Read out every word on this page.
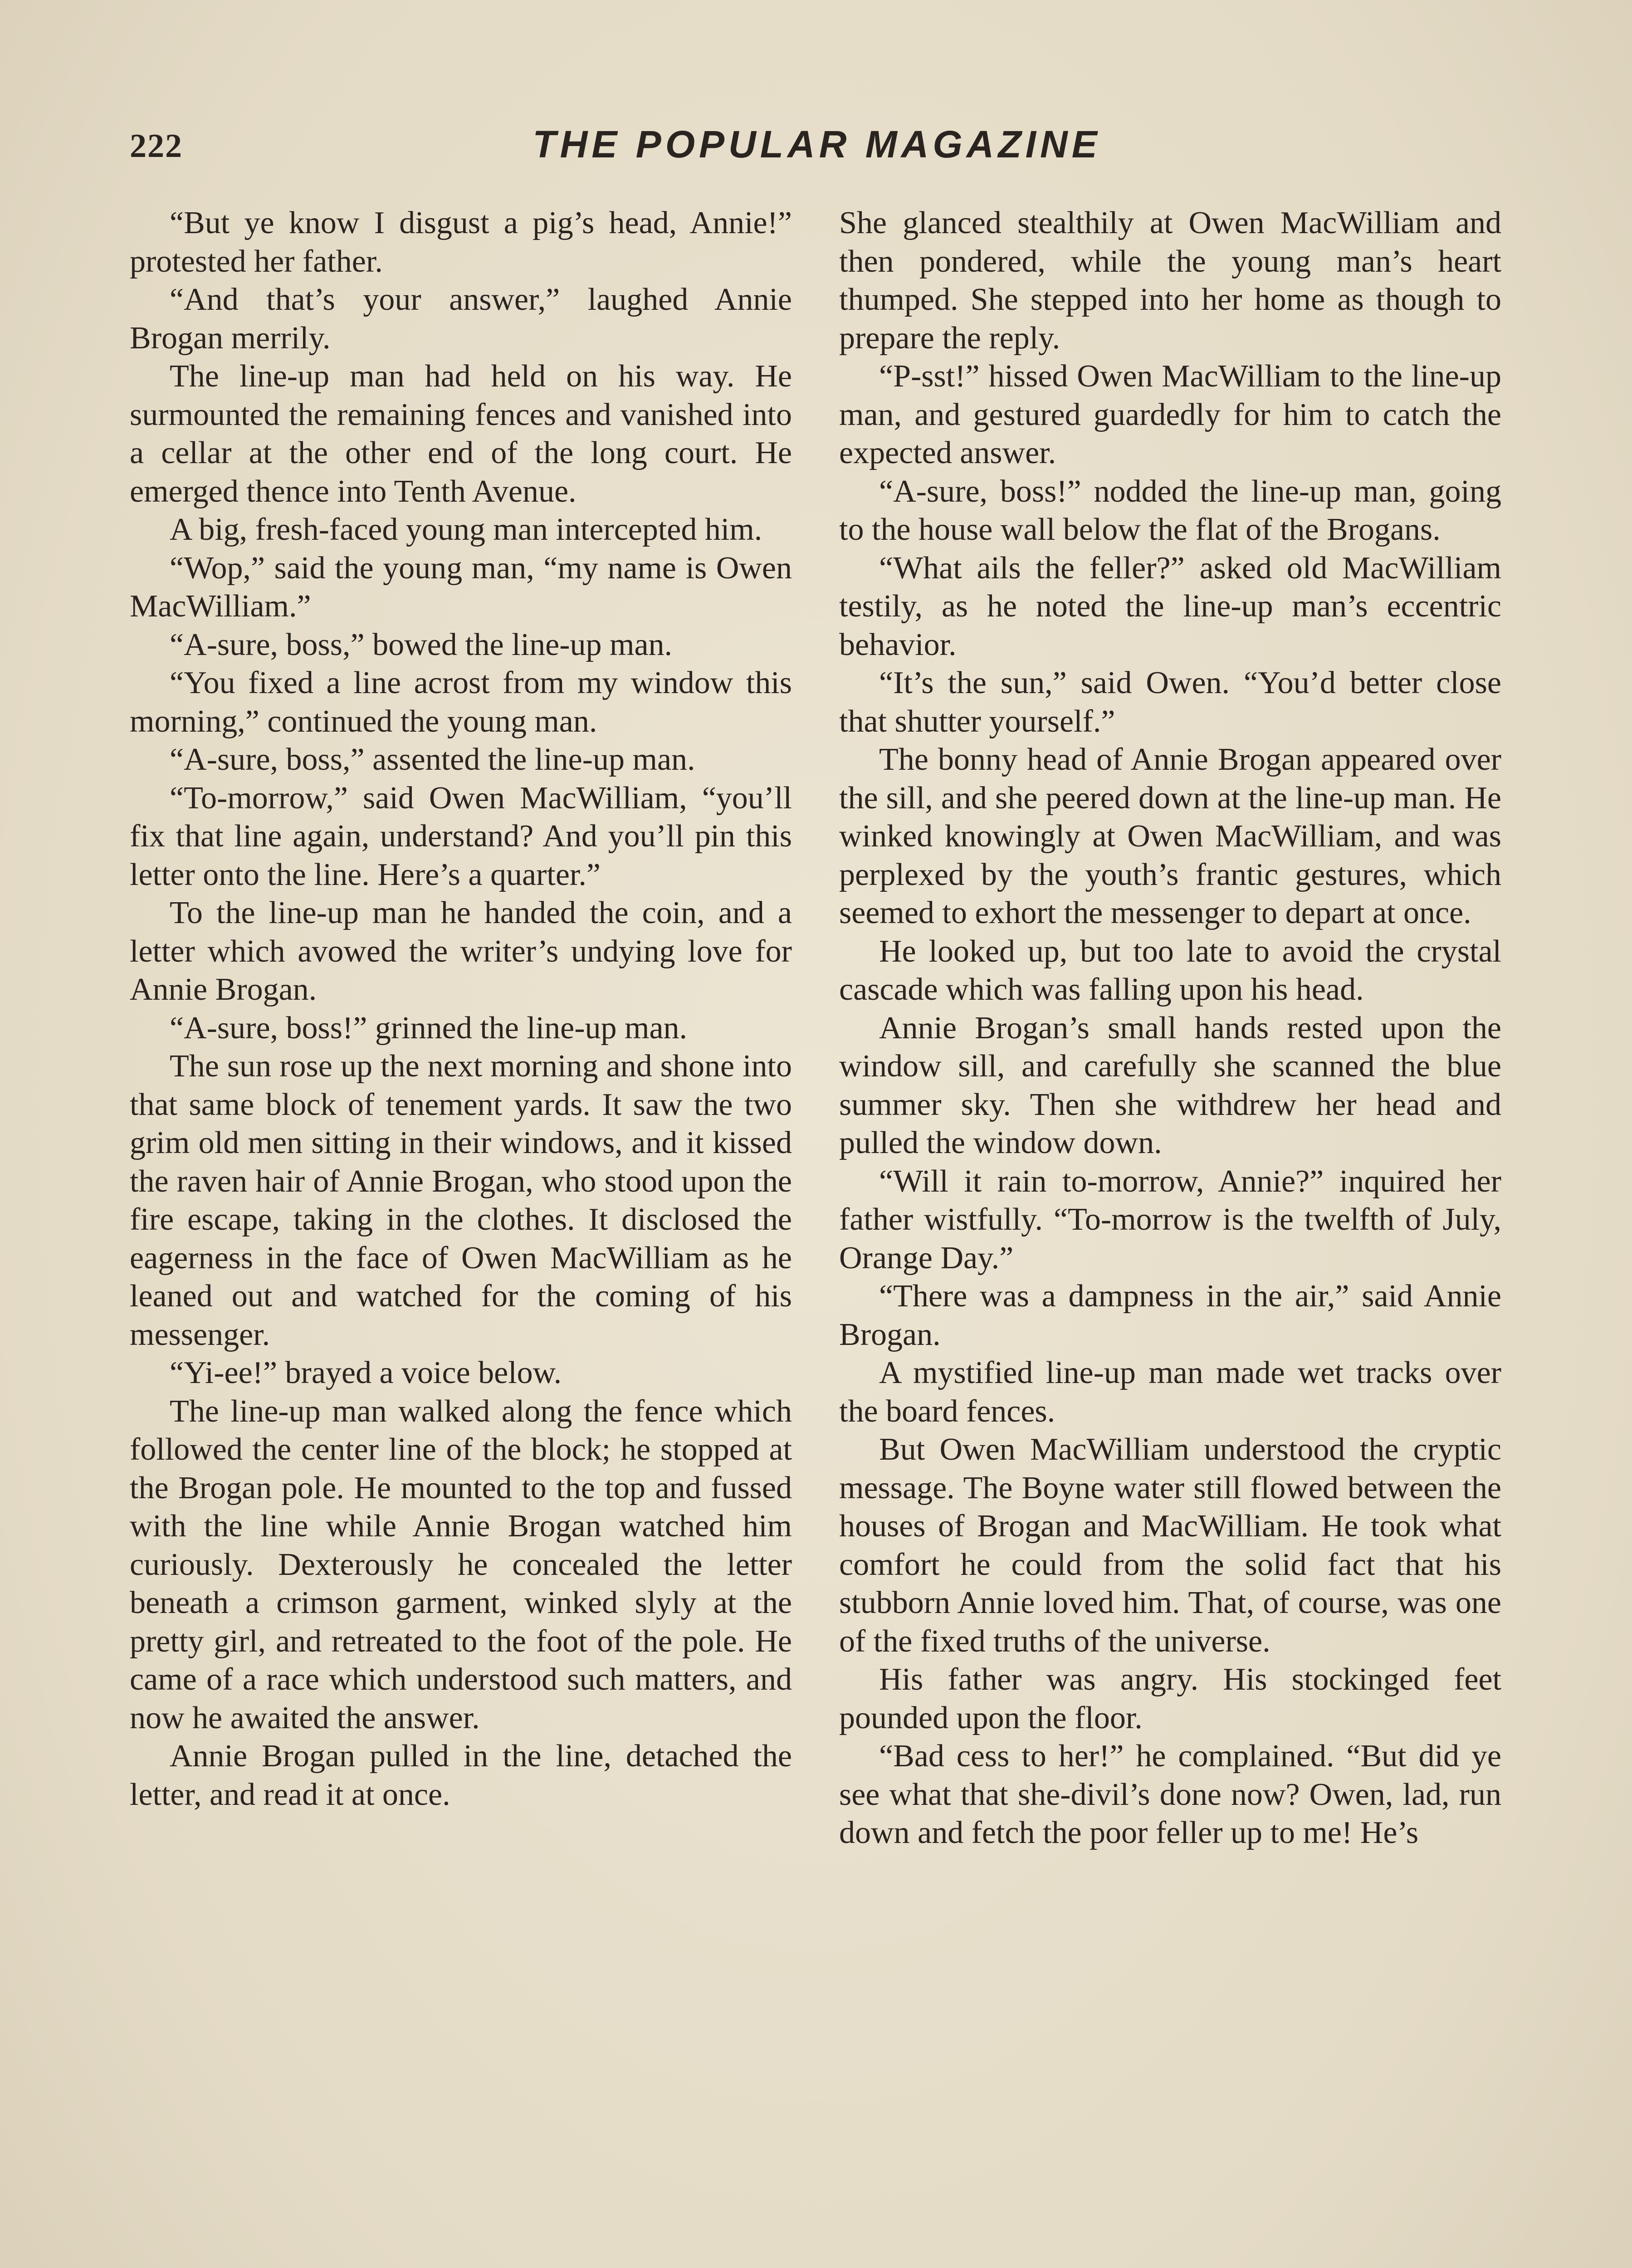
222	THE POPULAR MAGAZINE

“But ye know I disgust a pig’s head, Annie!” protested her father.

“And that’s your answer,” laughed Annie Brogan merrily.

The line-up man had held on his way. He surmounted the remaining fences and vanished into a cellar at the other end of the long court. He emerged thence into Tenth Avenue.

A big, fresh-faced young man intercepted him.

“Wop,” said the young man, “my name is Owen MacWilliam.”

“A-sure, boss,” bowed the line-up man.

“You fixed a line acrost from my window this morning,” continued the young man.

“A-sure, boss,” assented the line-up man.

“To-morrow,” said Owen MacWilliam, “you’ll fix that line again, understand? And you’ll pin this letter onto the line. Here’s a quarter.”

To the line-up man he handed the coin, and a letter which avowed the writer’s undying love for Annie Brogan.

“A-sure, boss!” grinned the line-up man.

The sun rose up the next morning and shone into that same block of tenement yards. It saw the two grim old men sitting in their windows, and it kissed the raven hair of Annie Brogan, who stood upon the fire escape, taking in the clothes. It disclosed the eagerness in the face of Owen MacWilliam as he leaned out and watched for the coming of his messenger.

“Yi-ee!” brayed a voice below.

The line-up man walked along the fence which followed the center line of the block; he stopped at the Brogan pole. He mounted to the top and fussed with the line while Annie Brogan watched him curiously. Dexterously he concealed the letter beneath a crimson garment, winked slyly at the pretty girl, and retreated to the foot of the pole. He came of a race which understood such matters, and now he awaited the answer.

Annie Brogan pulled in the line, detached the letter, and read it at once.

She glanced stealthily at Owen MacWilliam and then pondered, while the young man’s heart thumped. She stepped into her home as though to prepare the reply.

“P-sst!” hissed Owen MacWilliam to the line-up man, and gestured guardedly for him to catch the expected answer.

“A-sure, boss!” nodded the line-up man, going to the house wall below the flat of the Brogans.

“What ails the feller?” asked old MacWilliam testily, as he noted the line-up man’s eccentric behavior.

“It’s the sun,” said Owen. “You’d better close that shutter yourself.”

The bonny head of Annie Brogan appeared over the sill, and she peered down at the line-up man. He winked knowingly at Owen MacWilliam, and was perplexed by the youth’s frantic gestures, which seemed to exhort the messenger to depart at once.

He looked up, but too late to avoid the crystal cascade which was falling upon his head.

Annie Brogan’s small hands rested upon the window sill, and carefully she scanned the blue summer sky. Then she withdrew her head and pulled the window down.

“Will it rain to-morrow, Annie?” inquired her father wistfully. “To-morrow is the twelfth of July, Orange Day.”

“There was a dampness in the air,” said Annie Brogan.

A mystified line-up man made wet tracks over the board fences.

But Owen MacWilliam understood the cryptic message. The Boyne water still flowed between the houses of Brogan and MacWilliam. He took what comfort he could from the solid fact that his stubborn Annie loved him. That, of course, was one of the fixed truths of the universe.

His father was angry. His stockinged feet pounded upon the floor.

“Bad cess to her!” he complained. “But did ye see what that she-divil’s done now? Owen, lad, run down and fetch the poor feller up to me! He’s
